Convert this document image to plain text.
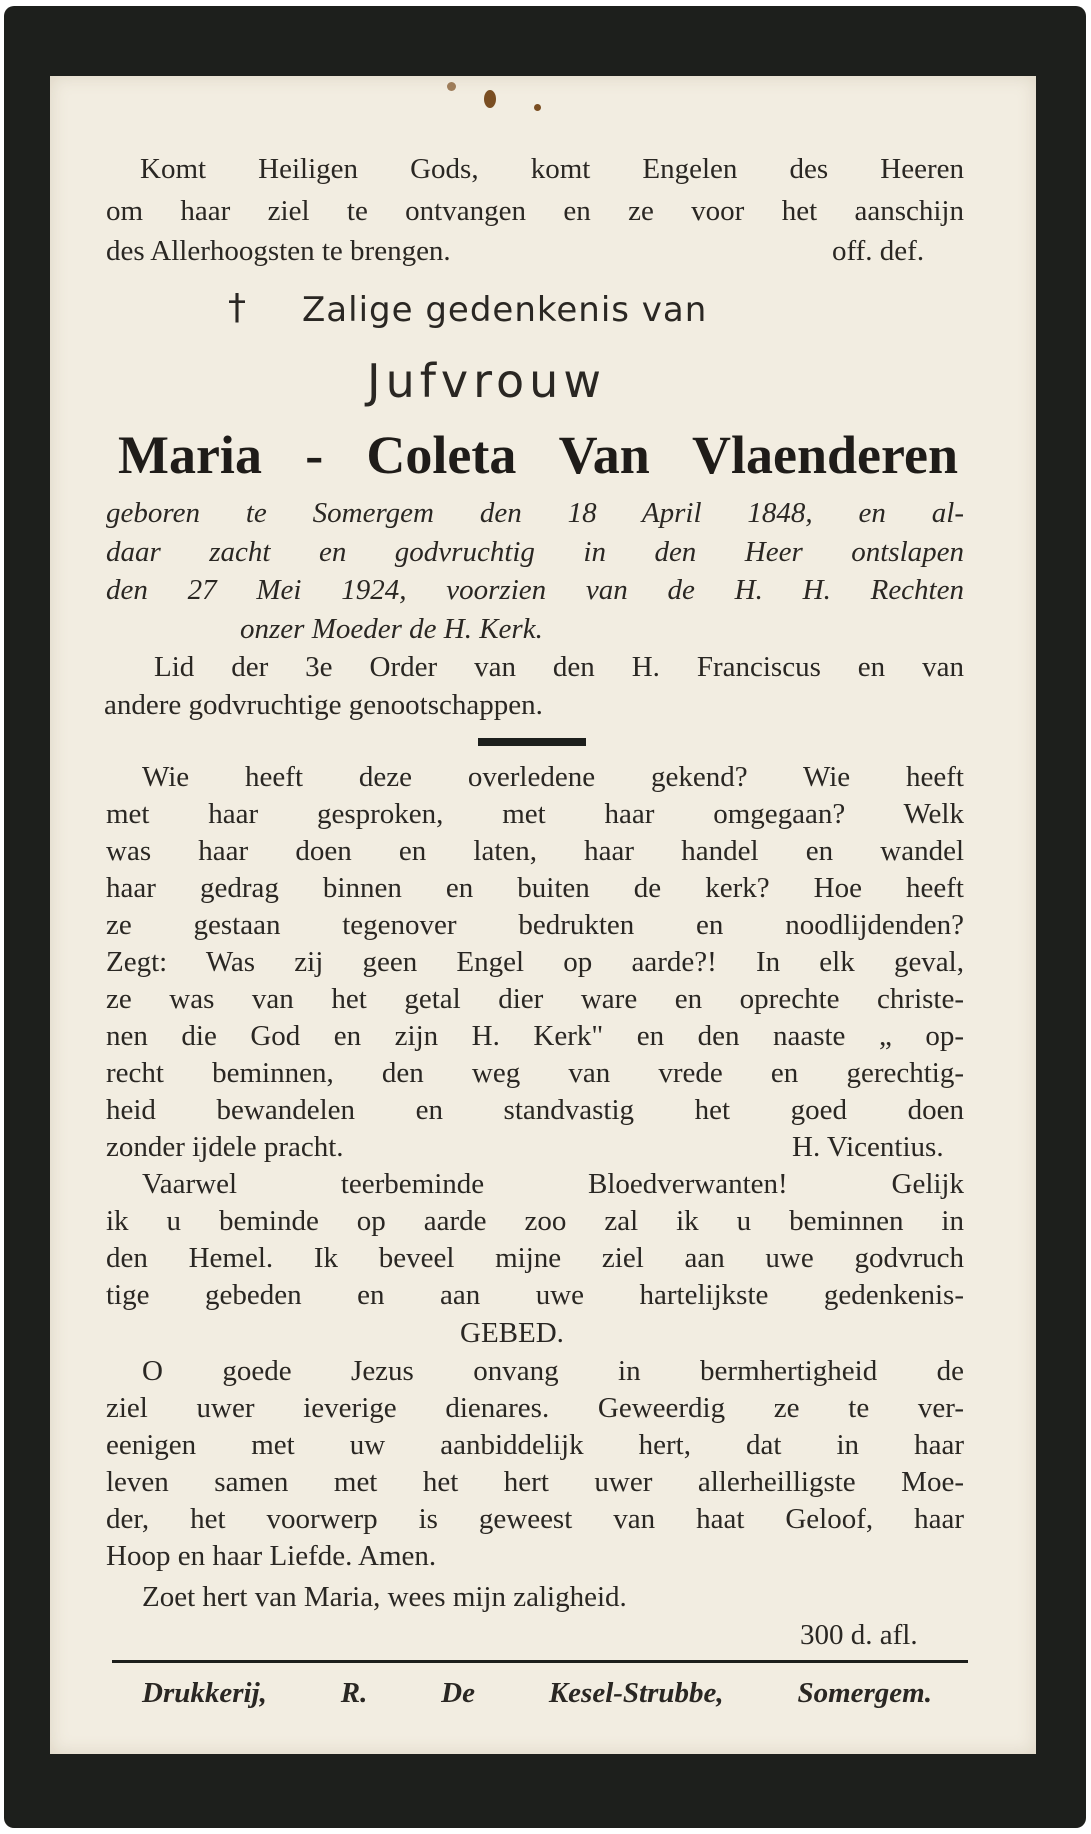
Komt Heiligen Gods, komt Engelen des Heeren
om haar ziel te ontvangen en ze voor het aanschijn
des Allerhoogsten te brengen.	off. def.
† Zalige gedenkenis van
Jufvrouw
Maria - Coleta Van Vlaenderen
geboren te Somergem den 18 April 1848, en al-
daar zacht en godvruchtig in den Heer ontslapen
den 27 Mei 1924, voorzien van de H. H. Rechten
onzer Moeder de H. Kerk.
Lid der 3e Order van den H. Franciscus en van
andere godvruchtige genootschappen.
Wie heeft deze overledene gekend? Wie heeft
met haar gesproken, met haar omgegaan? Welk
was haar doen en laten, haar handel en wandel
haar gedrag binnen en buiten de kerk? Hoe heeft
ze gestaan tegenover bedrukten en noodlijdenden?
Zegt: Was zij geen Engel op aarde?! In elk geval,
ze was van het getal dier ware en oprechte christe-
nen die God en zijn H. Kerk" en den naaste „ op-
recht beminnen, den weg van vrede en gerechtig-
heid bewandelen en standvastig het goed doen
zonder ijdele pracht.	H. Vicentius.
Vaarwel teerbeminde Bloedverwanten! Gelijk
ik u beminde op aarde zoo zal ik u beminnen in
den Hemel. Ik beveel mijne ziel aan uwe godvruch
tige gebeden en aan uwe hartelijkste gedenkenis-
GEBED.
O goede Jezus onvang in bermhertigheid de
ziel uwer ieverige dienares. Geweerdig ze te ver-
eenigen met uw aanbiddelijk hert, dat in haar
leven samen met het hert uwer allerheilligste Moe-
der, het voorwerp is geweest van haat Geloof, haar
Hoop en haar Liefde. Amen.
Zoet hert van Maria, wees mijn zaligheid.
300 d. afl.
Drukkerij, R. De Kesel-Strubbe, Somergem.
